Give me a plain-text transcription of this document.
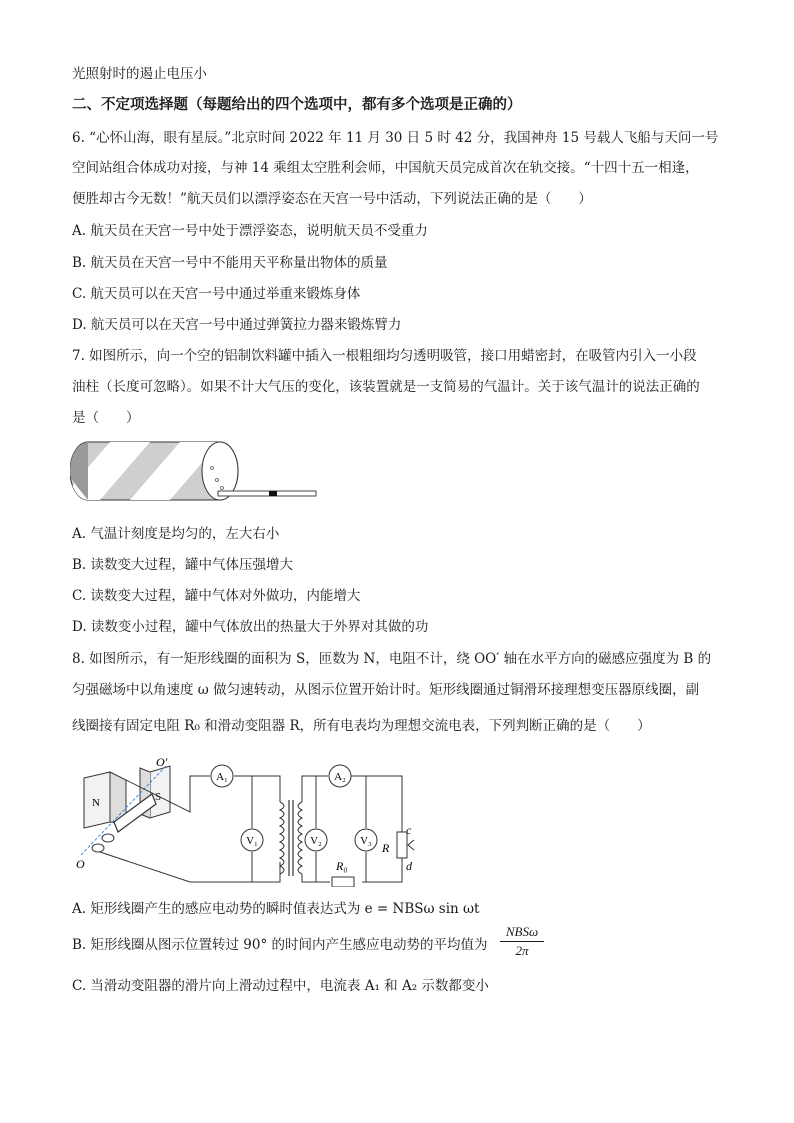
光照射时的遏止电压小
二、不定项选择题（每题给出的四个选项中，都有多个选项是正确的）
6. “心怀山海，眼有星辰。”北京时间 2022 年 11 月 30 日 5 时 42 分，我国神舟 15 号载人飞船与天问一号
空间站组合体成功对接，与神 14 乘组太空胜利会师，中国航天员完成首次在轨交接。“十四十五一相逢，
便胜却古今无数！”航天员们以漂浮姿态在天宫一号中活动，下列说法正确的是（　　）
A. 航天员在天宫一号中处于漂浮姿态，说明航天员不受重力
B. 航天员在天宫一号中不能用天平称量出物体的质量
C. 航天员可以在天宫一号中通过举重来锻炼身体
D. 航天员可以在天宫一号中通过弹簧拉力器来锻炼臂力
7. 如图所示，向一个空的铝制饮料罐中插入一根粗细均匀透明吸管，接口用蜡密封，在吸管内引入一小段
油柱（长度可忽略）。如果不计大气压的变化，该装置就是一支简易的气温计。关于该气温计的说法正确的
是（　　）
A. 气温计刻度是均匀的，左大右小
B. 读数变大过程，罐中气体压强增大
C. 读数变大过程，罐中气体对外做功，内能增大
D. 读数变小过程，罐中气体放出的热量大于外界对其做的功
8. 如图所示，有一矩形线圈的面积为 S，匝数为 N，电阻不计，绕 OO′ 轴在水平方向的磁感应强度为 B 的
匀强磁场中以角速度 ω 做匀速转动，从图示位置开始计时。矩形线圈通过铜滑环接理想变压器原线圈，副
线圈接有固定电阻 R₀ 和滑动变阻器 R，所有电表均为理想交流电表，下列判断正确的是（　　）
N	S
O′
O
A₁
V₁
A₂
V₂	V₃ R
c
d
R₀
A. 矩形线圈产生的感应电动势的瞬时值表达式为 e = NBSω sin ωt
B. 矩形线圈从图示位置转过 90° 的时间内产生感应电动势的平均值为
NBSω
2π
C. 当滑动变阻器的滑片向上滑动过程中，电流表 A₁ 和 A₂ 示数都变小
